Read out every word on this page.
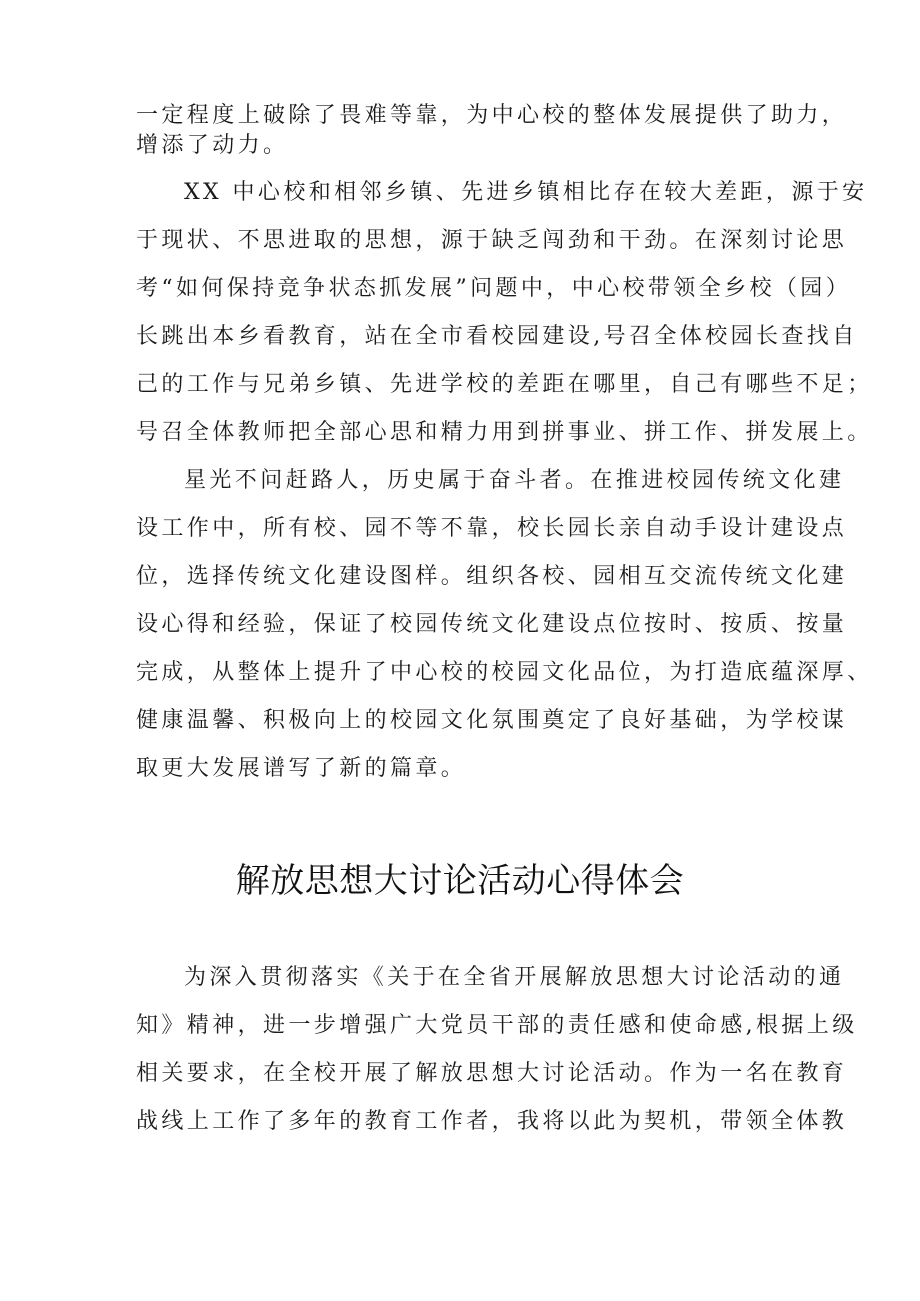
一定程度上破除了畏难等靠，为中心校的整体发展提供了助力，
增添了动力。
XX 中心校和相邻乡镇、先进乡镇相比存在较大差距，源于安
于现状、不思进取的思想，源于缺乏闯劲和干劲。在深刻讨论思
考“如何保持竞争状态抓发展”问题中，中心校带领全乡校（园）
长跳出本乡看教育，站在全市看校园建设,号召全体校园长查找自
己的工作与兄弟乡镇、先进学校的差距在哪里，自己有哪些不足；
号召全体教师把全部心思和精力用到拼事业、拼工作、拼发展上。
星光不问赶路人，历史属于奋斗者。在推进校园传统文化建
设工作中，所有校、园不等不靠，校长园长亲自动手设计建设点
位，选择传统文化建设图样。组织各校、园相互交流传统文化建
设心得和经验，保证了校园传统文化建设点位按时、按质、按量
完成，从整体上提升了中心校的校园文化品位，为打造底蕴深厚、
健康温馨、积极向上的校园文化氛围奠定了良好基础，为学校谋
取更大发展谱写了新的篇章。
解放思想大讨论活动心得体会
为深入贯彻落实《关于在全省开展解放思想大讨论活动的通
知》精神，进一步增强广大党员干部的责任感和使命感,根据上级
相关要求，在全校开展了解放思想大讨论活动。作为一名在教育
战线上工作了多年的教育工作者，我将以此为契机，带领全体教
